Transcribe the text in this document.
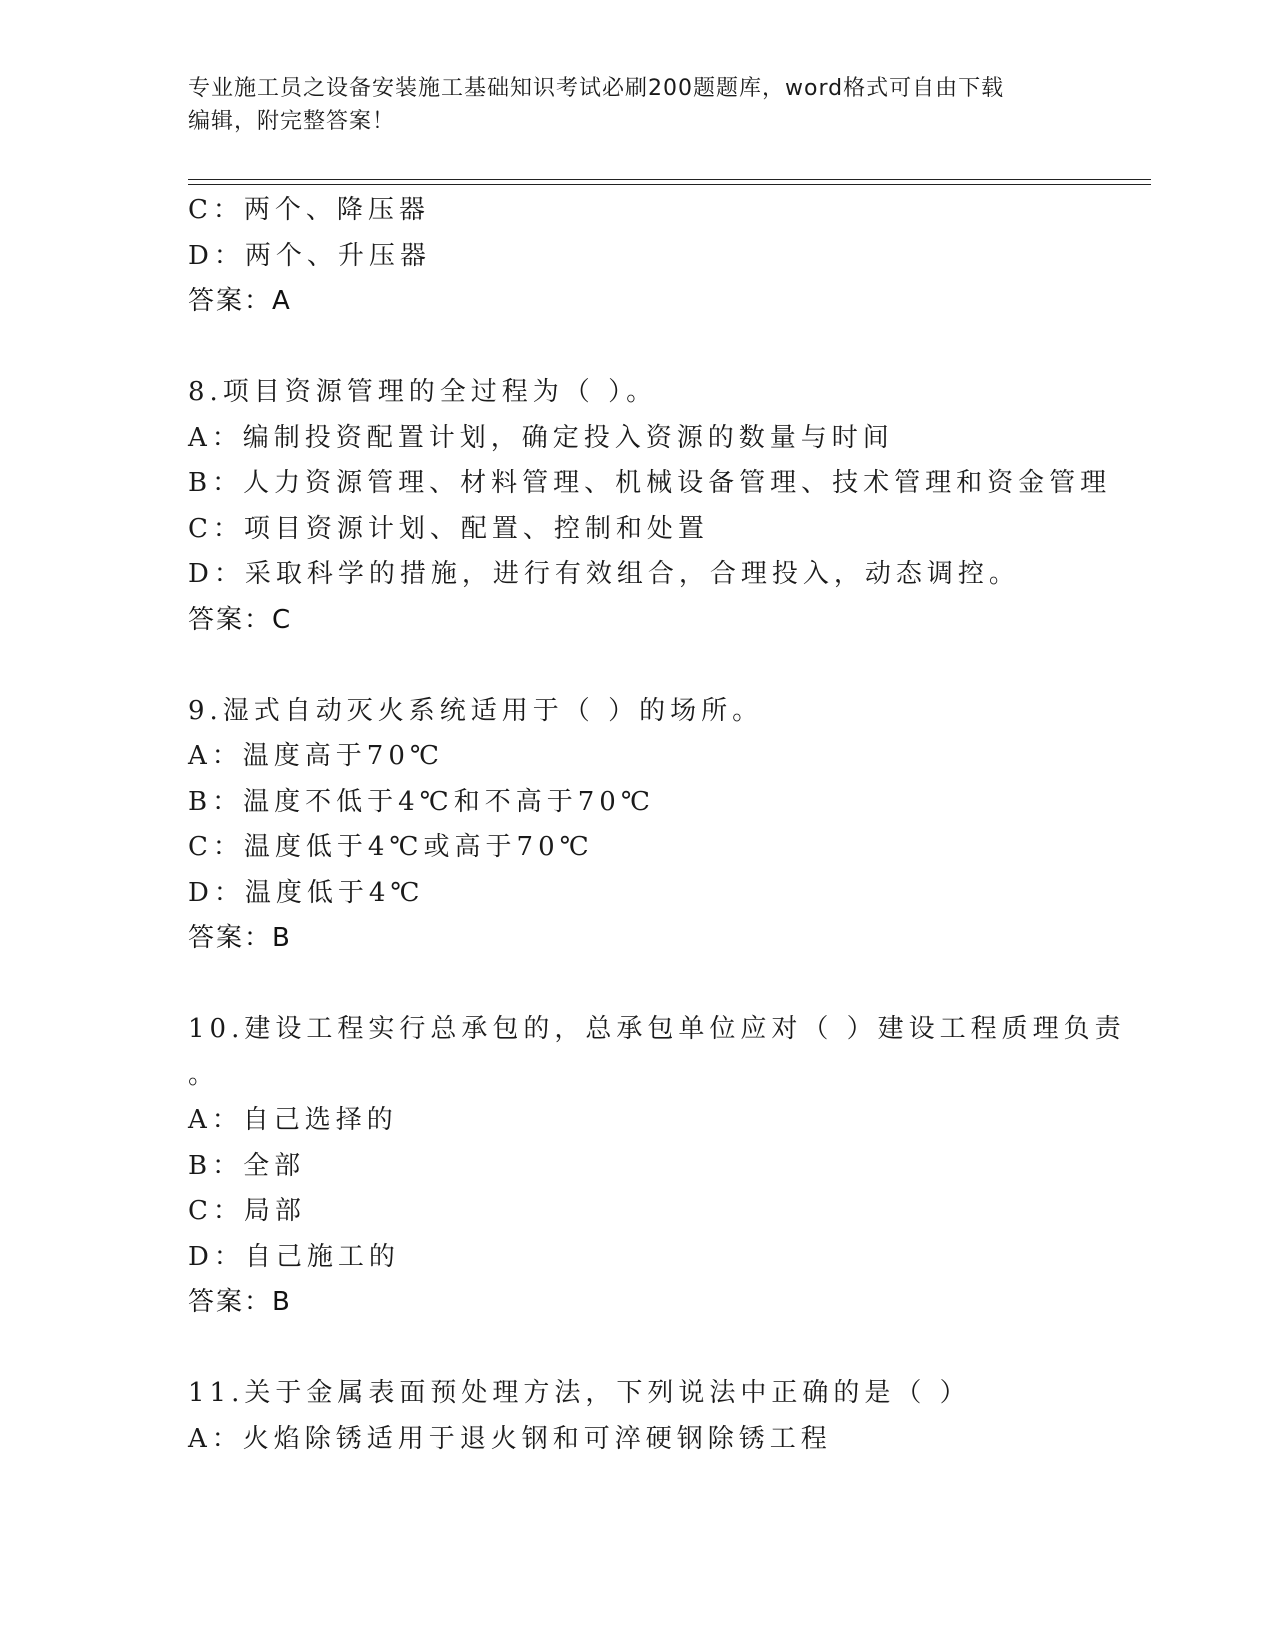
专业施工员之设备安装施工基础知识考试必刷200题题库，word格式可自由下载
编辑，附完整答案！
C：两个、降压器
D：两个、升压器
答案：A
8.项目资源管理的全过程为（ ）。
A：编制投资配置计划，确定投入资源的数量与时间
B：人力资源管理、材料管理、机械设备管理、技术管理和资金管理
C：项目资源计划、配置、控制和处置
D：采取科学的措施，进行有效组合，合理投入，动态调控。
答案：C
9.湿式自动灭火系统适用于（ ）的场所。
A：温度高于70℃
B：温度不低于4℃和不高于70℃
C：温度低于4℃或高于70℃
D：温度低于4℃
答案：B
10.建设工程实行总承包的，总承包单位应对（ ）建设工程质理负责
。
A：自己选择的
B：全部
C：局部
D：自己施工的
答案：B
11.关于金属表面预处理方法，下列说法中正确的是（ ）
A：火焰除锈适用于退火钢和可淬硬钢除锈工程
